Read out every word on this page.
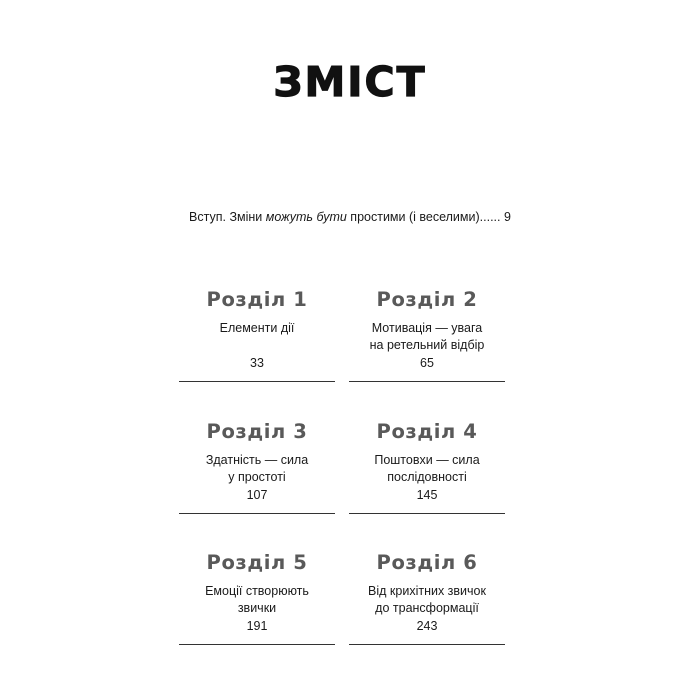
ЗМІСТ
Вступ. Зміни можуть бути простими (і веселими)...... 9
Розділ 1
Елементи дії
33
Розділ 2
Мотивація — увага
на ретельний відбір
65
Розділ 3
Здатність — сила
у простоті
107
Розділ 4
Поштовхи — сила
послідовності
145
Розділ 5
Емоції створюють
звички
191
Розділ 6
Від крихітних звичок
до трансформації
243
